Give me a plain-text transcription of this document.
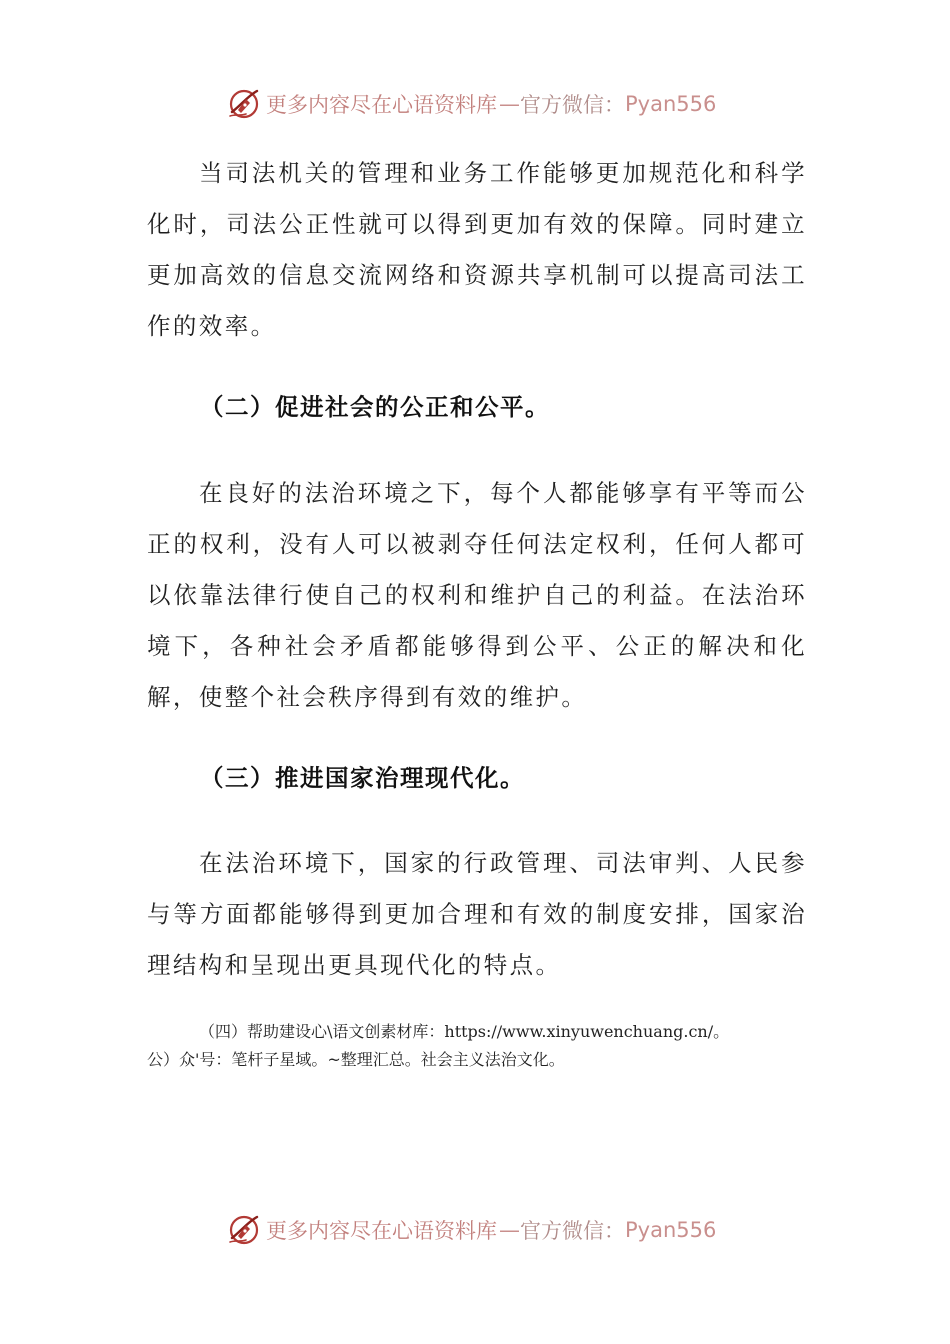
更多内容尽在心语资料库 — 官方微信： Pyan556

当司法机关的管理和业务工作能够更加规范化和科学化时，司法公正性就可以得到更加有效的保障。同时建立更加高效的信息交流网络和资源共享机制可以提高司法工作的效率。

（二）促进社会的公正和公平。

在良好的法治环境之下，每个人都能够享有平等而公正的权利，没有人可以被剥夺任何法定权利，任何人都可以依靠法律行使自己的权利和维护自己的利益。在法治环境下，各种社会矛盾都能够得到公平、公正的解决和化解，使整个社会秩序得到有效的维护。

（三）推进国家治理现代化。

在法治环境下，国家的行政管理、司法审判、人民参与等方面都能够得到更加合理和有效的制度安排，国家治理结构和呈现出更具现代化的特点。

（四）帮助建设心\语文创素材库：https://www.xinyuwenchuang.cn/。
公）众'号：笔杆子星域。~整理汇总。社会主义法治文化。

更多内容尽在心语资料库 — 官方微信： Pyan556
